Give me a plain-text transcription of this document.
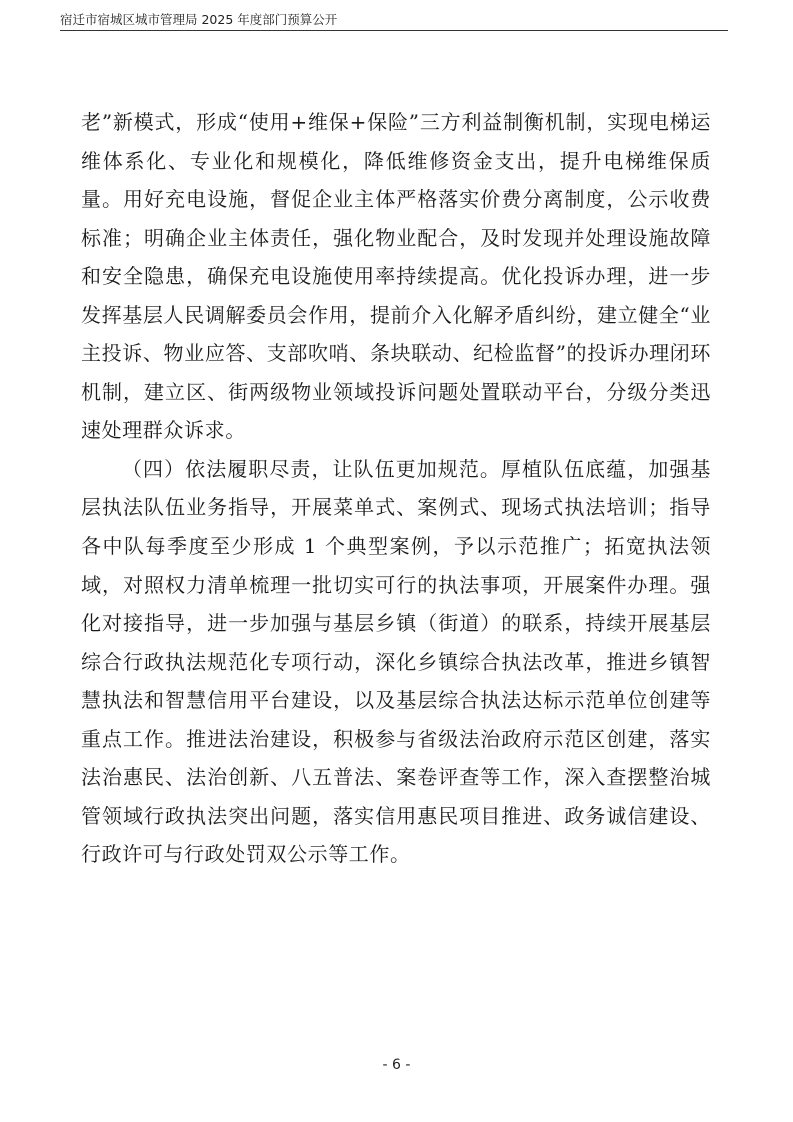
宿迁市宿城区城市管理局 2025 年度部门预算公开

老”新模式，形成“使用+维保+保险”三方利益制衡机制，实现电梯运维体系化、专业化和规模化，降低维修资金支出，提升电梯维保质量。用好充电设施，督促企业主体严格落实价费分离制度，公示收费标准；明确企业主体责任，强化物业配合，及时发现并处理设施故障和安全隐患，确保充电设施使用率持续提高。优化投诉办理，进一步发挥基层人民调解委员会作用，提前介入化解矛盾纠纷，建立健全“业主投诉、物业应答、支部吹哨、条块联动、纪检监督”的投诉办理闭环机制，建立区、街两级物业领域投诉问题处置联动平台，分级分类迅速处理群众诉求。

（四）依法履职尽责，让队伍更加规范。厚植队伍底蕴，加强基层执法队伍业务指导，开展菜单式、案例式、现场式执法培训；指导各中队每季度至少形成 1 个典型案例，予以示范推广；拓宽执法领域，对照权力清单梳理一批切实可行的执法事项，开展案件办理。强化对接指导，进一步加强与基层乡镇（街道）的联系，持续开展基层综合行政执法规范化专项行动，深化乡镇综合执法改革，推进乡镇智慧执法和智慧信用平台建设，以及基层综合执法达标示范单位创建等重点工作。推进法治建设，积极参与省级法治政府示范区创建，落实法治惠民、法治创新、八五普法、案卷评查等工作，深入查摆整治城管领域行政执法突出问题，落实信用惠民项目推进、政务诚信建设、行政许可与行政处罚双公示等工作。

- 6 -
